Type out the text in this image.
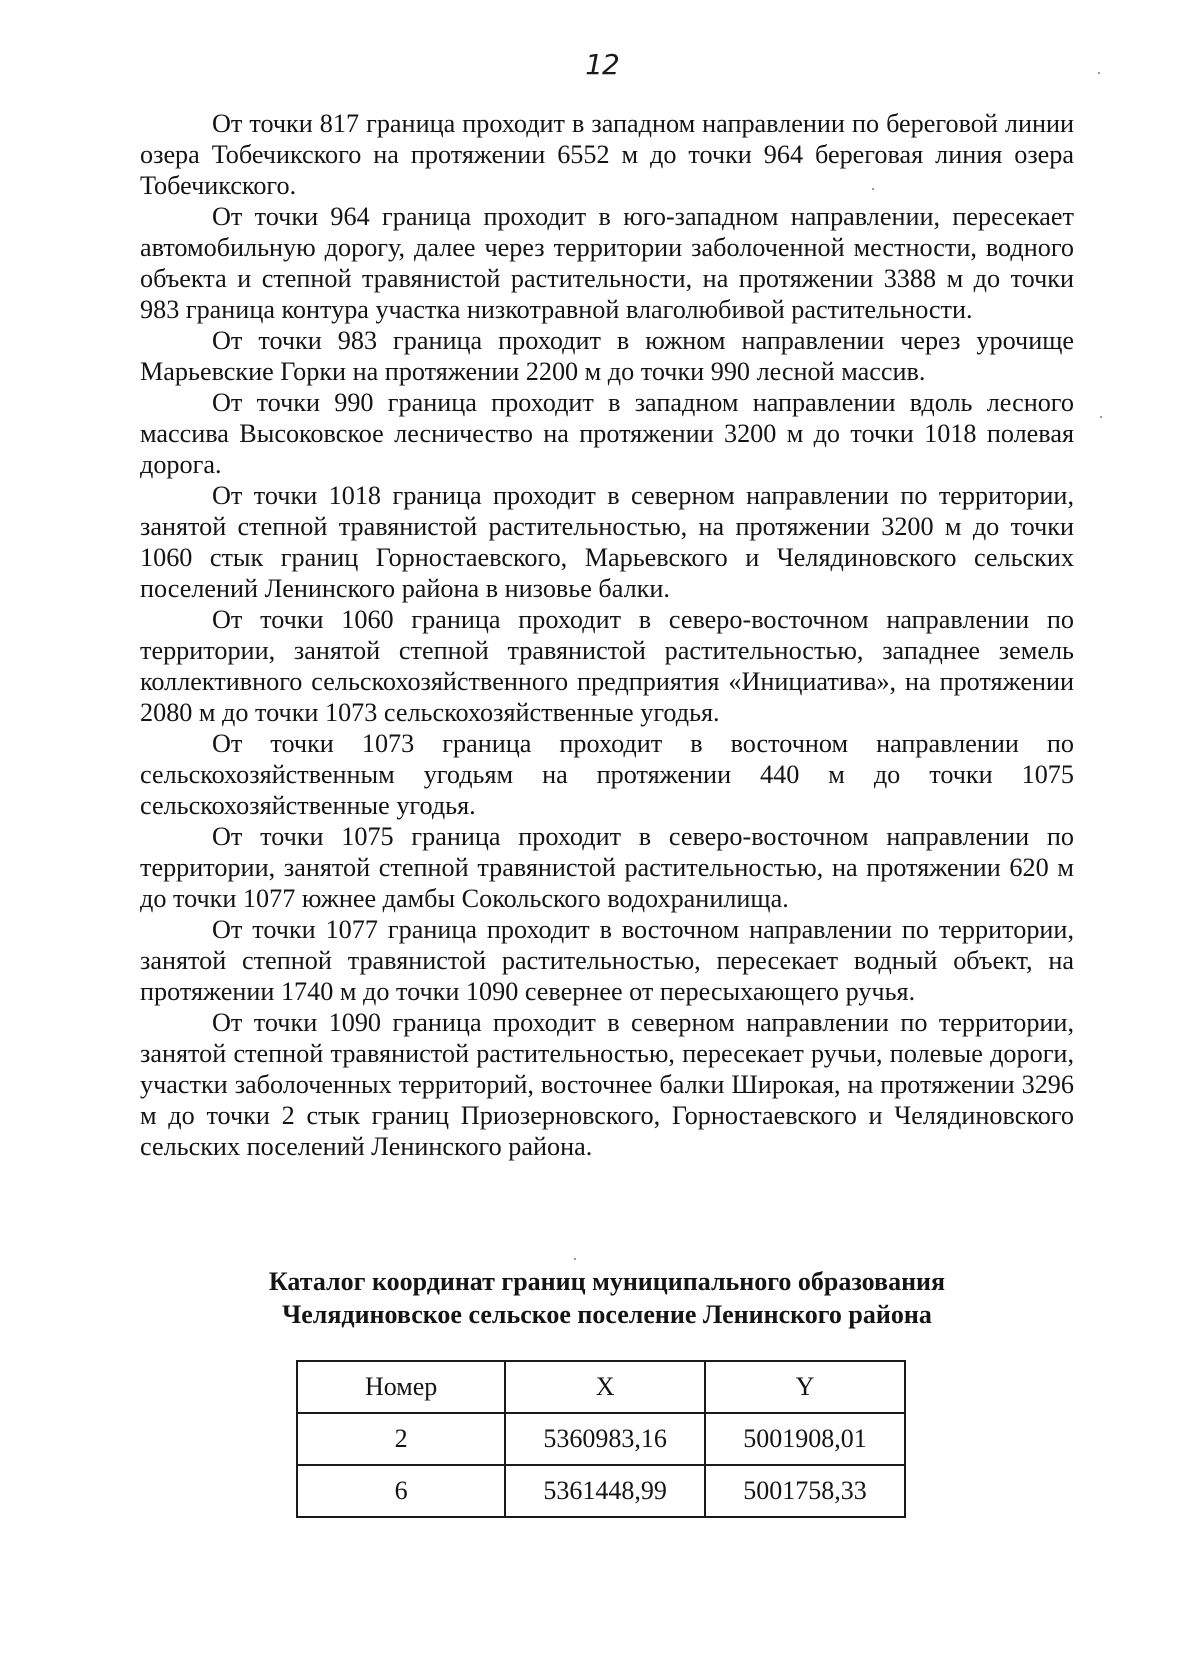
12

От точки 817 граница проходит в западном направлении по береговой линии озера Тобечикского на протяжении 6552 м до точки 964 береговая линия озера Тобечикского.

От точки 964 граница проходит в юго-западном направлении, пересекает автомобильную дорогу, далее через территории заболоченной местности, водного объекта и степной травянистой растительности, на протяжении 3388 м до точки 983 граница контура участка низкотравной влаголюбивой растительности.

От точки 983 граница проходит в южном направлении через урочище Марьевские Горки на протяжении 2200 м до точки 990 лесной массив.

От точки 990 граница проходит в западном направлении вдоль лесного массива Высоковское лесничество на протяжении 3200 м до точки 1018 полевая дорога.

От точки 1018 граница проходит в северном направлении по территории, занятой степной травянистой растительностью, на протяжении 3200 м до точки 1060 стык границ Горностаевского, Марьевского и Челядиновского сельских поселений Ленинского района в низовье балки.

От точки 1060 граница проходит в северо-восточном направлении по территории, занятой степной травянистой растительностью, западнее земель коллективного сельскохозяйственного предприятия «Инициатива», на протяжении 2080 м до точки 1073 сельскохозяйственные угодья.

От точки 1073 граница проходит в восточном направлении по сельскохозяйственным угодьям на протяжении 440 м до точки 1075 сельскохозяйственные угодья.

От точки 1075 граница проходит в северо-восточном направлении по территории, занятой степной травянистой растительностью, на протяжении 620 м до точки 1077 южнее дамбы Сокольского водохранилища.

От точки 1077 граница проходит в восточном направлении по территории, занятой степной травянистой растительностью, пересекает водный объект, на протяжении 1740 м до точки 1090 севернее от пересыхающего ручья.

От точки 1090 граница проходит в северном направлении по территории, занятой степной травянистой растительностью, пересекает ручьи, полевые дороги, участки заболоченных территорий, восточнее балки Широкая, на протяжении 3296 м до точки 2 стык границ Приозерновского, Горностаевского и Челядиновского сельских поселений Ленинского района.

Каталог координат границ муниципального образования
Челядиновское сельское поселение Ленинского района
Номер	X	Y
2	5360983,16	5001908,01
6	5361448,99	5001758,33
